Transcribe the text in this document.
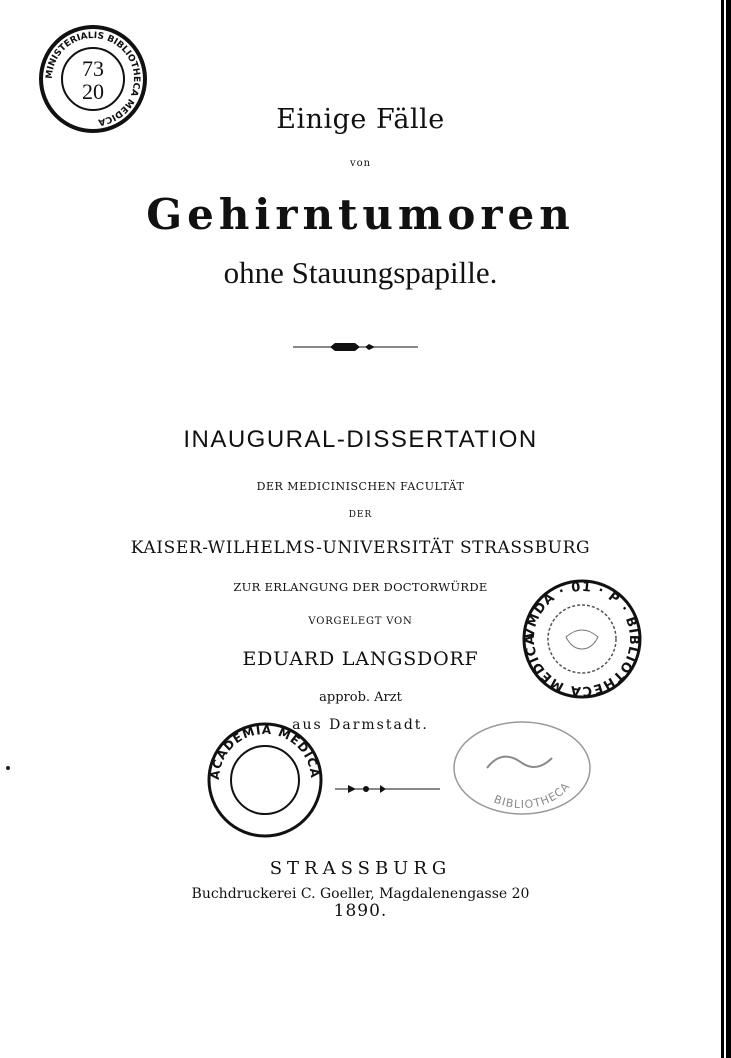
MINISTERIALIS BIBLIOTHECA MEDICA
73
20
Einige Fälle
von
Gehirntumoren
ohne Stauungspapille.
INAUGURAL-DISSERTATION
DER MEDICINISCHEN FACULTÄT
DER
KAISER-WILHELMS-UNIVERSITÄT STRASSBURG
ZUR ERLANGUNG DER DOCTORWÜRDE
VORGELEGT VON
EDUARD LANGSDORF
approb. Arzt
aus Darmstadt.
VMDA · 01 · P · BIBLIOTHECA MEDICA
ACADEMIA MEDICA
BIBLIOTHECA
STRASSBURG
Buchdruckerei C. Goeller, Magdalenengasse 20
1890.
